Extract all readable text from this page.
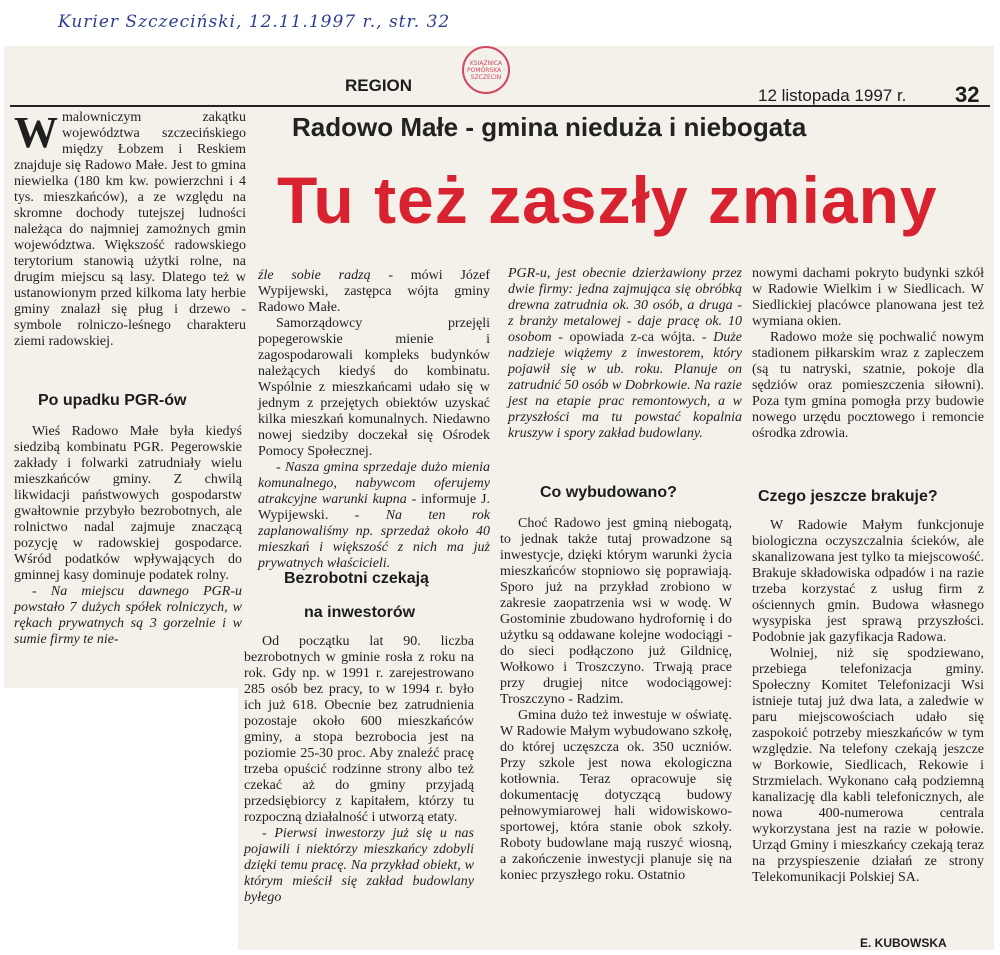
Kurier Szczeciński, 12.11.1997 r., str. 32
KSIĄŻNICA POMORSKA · SZCZECIN
REGION
12 listopada 1997 r. 32
Radowo Małe - gmina nieduża i niebogata
Tu też zaszły zmiany
W malowniczym zakątku województwa szczecińskiego między Łobzem i Reskiem znajduje się Radowo Małe. Jest to gmina niewielka (180 km kw. powierzchni i 4 tys. mieszkańców), a ze względu na skromne dochody tutejszej ludności należąca do najmniej zamożnych gmin województwa. Większość radowskiego terytorium stanowią użytki rolne, na drugim miejscu są lasy. Dlatego też w ustanowionym przed kilkoma laty herbie gminy znalazł się pług i drzewo - symbole rolniczo-leśnego charakteru ziemi radowskiej.

Po upadku PGR-ów

Wieś Radowo Małe była kiedyś siedzibą kombinatu PGR. Pegerowskie zakłady i folwarki zatrudniały wielu mieszkańców gminy. Z chwilą likwidacji państwowych gospodarstw gwałtownie przybyło bezrobotnych, ale rolnictwo nadal zajmuje znaczącą pozycję w radowskiej gospodarce. Wśród podatków wpływających do gminnej kasy dominuje podatek rolny.

- Na miejscu dawnego PGR-u powstało 7 dużych spółek rolniczych, w rękach prywatnych są 3 gorzelnie i w sumie firmy te nie-

źle sobie radzą - mówi Józef Wypijewski, zastępca wójta gminy Radowo Małe.

Samorządowcy przejęli popegerowskie mienie i zagospodarowali kompleks budynków należących kiedyś do kombinatu. Wspólnie z mieszkańcami udało się w jednym z przejętych obiektów uzyskać kilka mieszkań komunalnych. Niedawno nowej siedziby doczekał się Ośrodek Pomocy Społecznej.

- Nasza gmina sprzedaje dużo mienia komunalnego, nabywcom oferujemy atrakcyjne warunki kupna - informuje J. Wypijewski. - Na ten rok zaplanowaliśmy np. sprzedaż około 40 mieszkań i większość z nich ma już prywatnych właścicieli.

Bezrobotni czekają
na inwestorów

Od początku lat 90. liczba bezrobotnych w gminie rosła z roku na rok. Gdy np. w 1991 r. zarejestrowano 285 osób bez pracy, to w 1994 r. było ich już 618. Obecnie bez zatrudnienia pozostaje około 600 mieszkańców gminy, a stopa bezrobocia jest na poziomie 25-30 proc. Aby znaleźć pracę trzeba opuścić rodzinne strony albo też czekać aż do gminy przyjadą przedsiębiorcy z kapitałem, którzy tu rozpoczną działalność i utworzą etaty.

- Pierwsi inwestorzy już się u nas pojawili i niektórzy mieszkańcy zdobyli dzięki temu pracę. Na przykład obiekt, w którym mieścił się zakład budowlany byłego

PGR-u, jest obecnie dzierżawiony przez dwie firmy: jedna zajmująca się obróbką drewna zatrudnia ok. 30 osób, a druga - z branży metalowej - daje pracę ok. 10 osobom - opowiada z-ca wójta. - Duże nadzieje wiążemy z inwestorem, który pojawił się w ub. roku. Planuje on zatrudnić 50 osób w Dobrkowie. Na razie jest na etapie prac remontowych, a w przyszłości ma tu powstać kopalnia kruszyw i spory zakład budowlany.

Co wybudowano?

Choć Radowo jest gminą niebogatą, to jednak także tutaj prowadzone są inwestycje, dzięki którym warunki życia mieszkańców stopniowo się poprawiają. Sporo już na przykład zrobiono w zakresie zaopatrzenia wsi w wodę. W Gostominie zbudowano hydrofornię i do użytku są oddawane kolejne wodociągi - do sieci podłączono już Gildnicę, Wołkowo i Troszczyno. Trwają prace przy drugiej nitce wodociągowej: Troszczyno - Radzim.

Gmina dużo też inwestuje w oświatę. W Radowie Małym wybudowano szkołę, do której uczęszcza ok. 350 uczniów. Przy szkole jest nowa ekologiczna kotłownia. Teraz opracowuje się dokumentację dotyczącą budowy pełnowymiarowej hali widowiskowo-sportowej, która stanie obok szkoły. Roboty budowlane mają ruszyć wiosną, a zakończenie inwestycji planuje się na koniec przyszłego roku. Ostatnio

nowymi dachami pokryto budynki szkół w Radowie Wielkim i w Siedlicach. W Siedlickiej placówce planowana jest też wymiana okien.

Radowo może się pochwalić nowym stadionem piłkarskim wraz z zapleczem (są tu natryski, szatnie, pokoje dla sędziów oraz pomieszczenia siłowni). Poza tym gmina pomogła przy budowie nowego urzędu pocztowego i remoncie ośrodka zdrowia.

Czego jeszcze brakuje?

W Radowie Małym funkcjonuje biologiczna oczyszczalnia ścieków, ale skanalizowana jest tylko ta miejscowość. Brakuje składowiska odpadów i na razie trzeba korzystać z usług firm z ościennych gmin. Budowa własnego wysypiska jest sprawą przyszłości. Podobnie jak gazyfikacja Radowa.

Wolniej, niż się spodziewano, przebiega telefonizacja gminy. Społeczny Komitet Telefonizacji Wsi istnieje tutaj już dwa lata, a zaledwie w paru miejscowościach udało się zaspokoić potrzeby mieszkańców w tym względzie. Na telefony czekają jeszcze w Borkowie, Siedlicach, Rekowie i Strzmielach. Wykonano całą podziemną kanalizację dla kabli telefonicznych, ale nowa 400-numerowa centrala wykorzystana jest na razie w połowie. Urząd Gminy i mieszkańcy czekają teraz na przyspieszenie działań ze strony Telekomunikacji Polskiej SA.

E. KUBOWSKA
